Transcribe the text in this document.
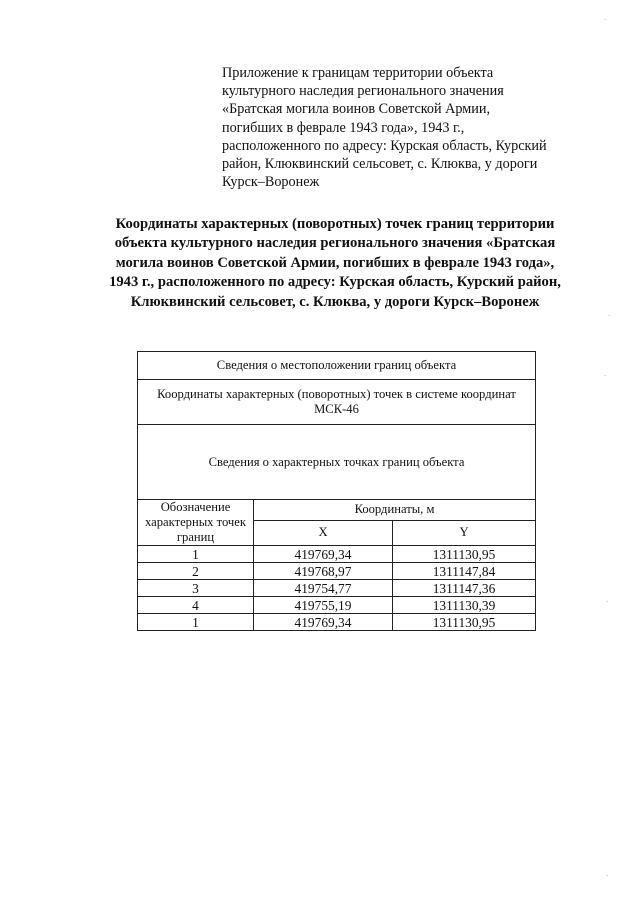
Приложение к границам территории объекта
культурного наследия регионального значения
«Братская могила воинов Советской Армии,
погибших в феврале 1943 года», 1943 г.,
расположенного по адресу: Курская область, Курский
район, Клюквинский сельсовет, с. Клюква, у дороги
Курск–Воронеж
Координаты характерных (поворотных) точек границ территории
объекта культурного наследия регионального значения «Братская
могила воинов Советской Армии, погибших в феврале 1943 года»,
1943 г., расположенного по адресу: Курская область, Курский район,
Клюквинский сельсовет, с. Клюква, у дороги Курск–Воронеж
Сведения о местоположении границ объекта		

Координаты характерных (поворотных) точек в системе координат
МСК-46		

Сведения о характерных точках границ объекта		

Обозначение
характерных точек
границ	Координаты, м	
	X	Y
1	419769,34	1311130,95
2	419768,97	1311147,84
3	419754,77	1311147,36
4	419755,19	1311130,39
1	419769,34	1311130,95
·
·
·
·
·
